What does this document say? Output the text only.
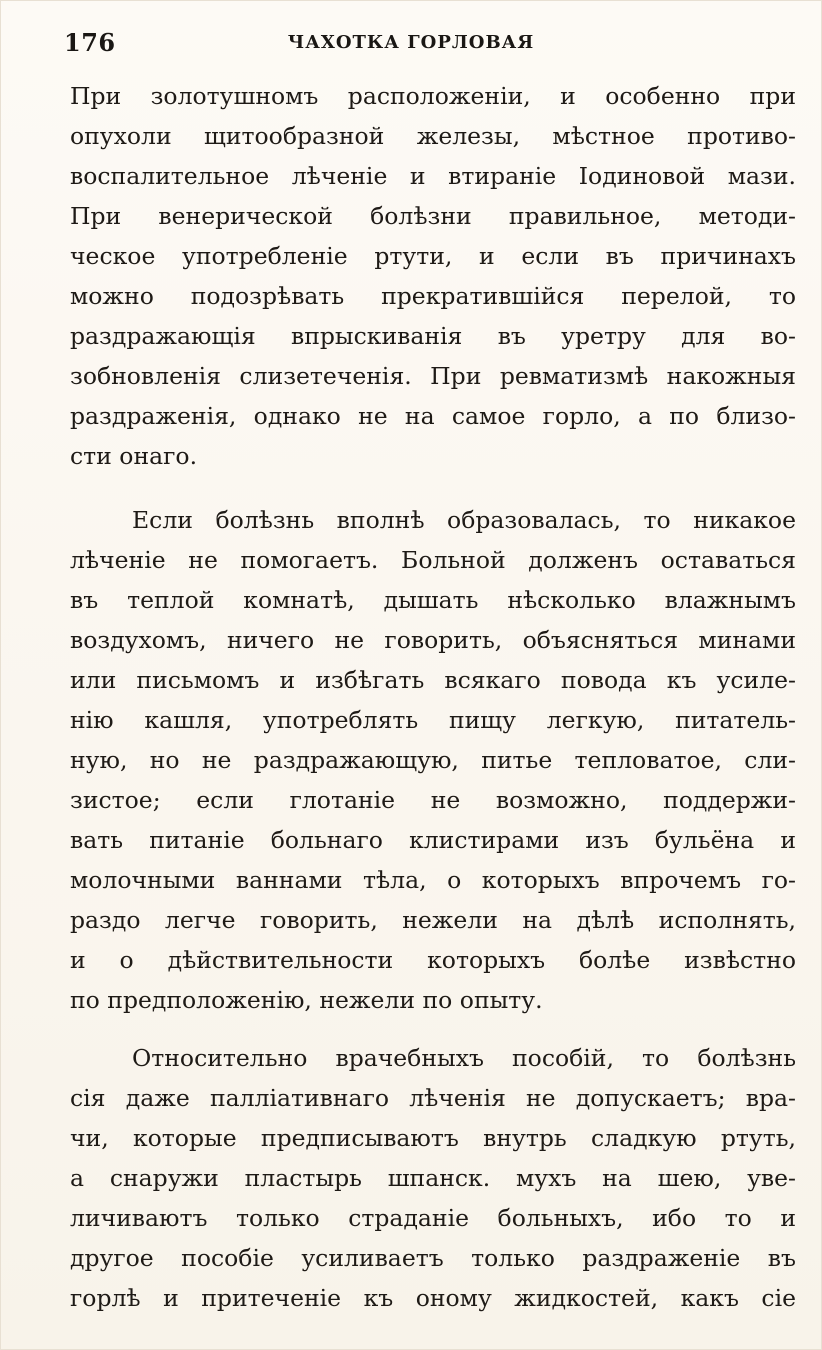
176	ЧАХОТКА ГОРЛОВАЯ
При золотушномъ расположеніи, и особенно при
опухоли щитообразной железы, мѣстное противо-
воспалительное лѣченіе и втираніе Іодиновой мази.
При венерической болѣзни правильное, методи-
ческое употребленіе ртути, и если въ причинахъ
можно подозрѣвать прекратившійся перелой, то
раздражающія впрыскиванія въ уретру для во-
зобновленія слизетеченія. При ревматизмѣ накожныя
раздраженія, однако не на самое горло, а по близо-
сти онаго.
Если болѣзнь вполнѣ образовалась, то никакое
лѣченіе не помогаетъ. Больной долженъ оставаться
въ теплой комнатѣ, дышать нѣсколько влажнымъ
воздухомъ, ничего не говорить, объясняться минами
или письмомъ и избѣгать всякаго повода къ усиле-
нію кашля, употреблять пищу легкую, питатель-
ную, но не раздражающую, питье тепловатое, сли-
зистое; если глотаніе не возможно, поддержи-
вать питаніе больнаго клистирами изъ бульёна и
молочными ваннами тѣла, о которыхъ впрочемъ го-
раздо легче говорить, нежели на дѣлѣ исполнять,
и о дѣйствительности которыхъ болѣе извѣстно
по предположенію, нежели по опыту.
Относительно врачебныхъ пособій, то болѣзнь
сія даже палліативнаго лѣченія не допускаетъ; вра-
чи, которые предписываютъ внутрь сладкую ртуть,
а снаружи пластырь шпанск. мухъ на шею, уве-
личиваютъ только страданіе больныхъ, ибо то и
другое пособіе усиливаетъ только раздраженіе въ
горлѣ и притеченіе къ оному жидкостей, какъ сіе
